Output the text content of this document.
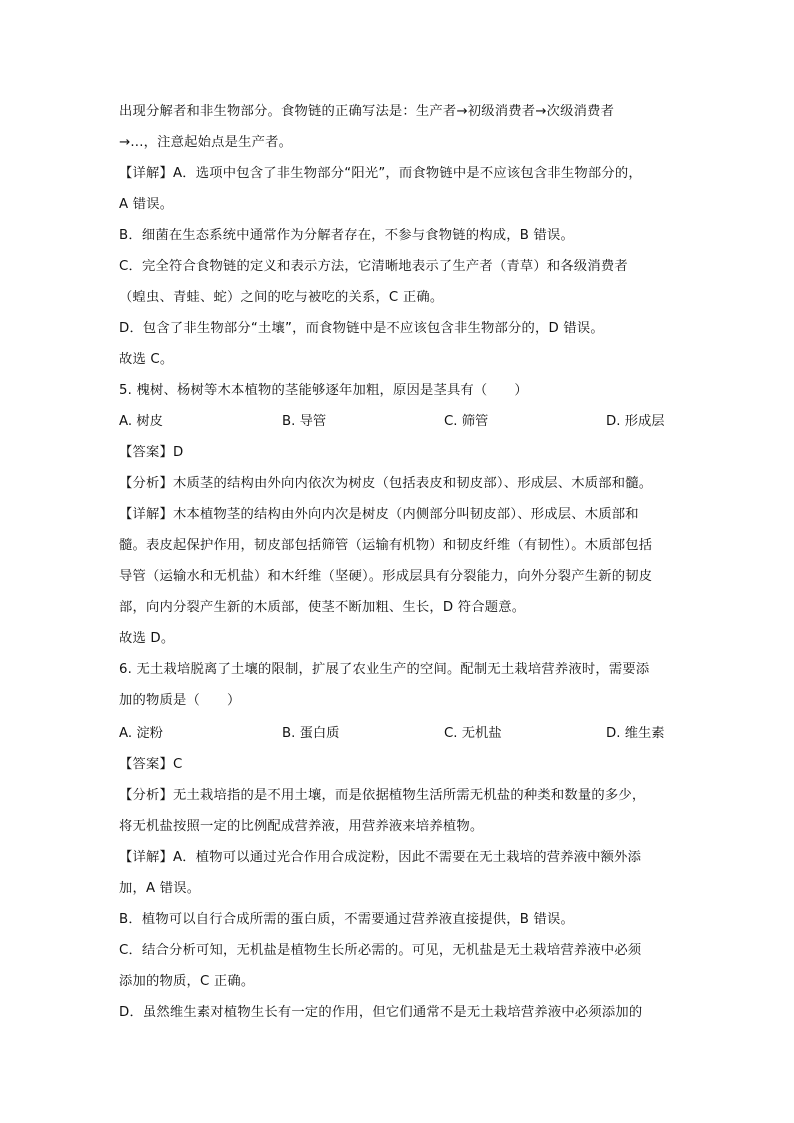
出现分解者和非生物部分。食物链的正确写法是：生产者→初级消费者→次级消费者
→...，注意起始点是生产者。
【详解】A．选项中包含了非生物部分“阳光”，而食物链中是不应该包含非生物部分的，
A 错误。
B．细菌在生态系统中通常作为分解者存在，不参与食物链的构成，B 错误。
C．完全符合食物链的定义和表示方法，它清晰地表示了生产者（青草）和各级消费者
（蝗虫、青蛙、蛇）之间的吃与被吃的关系，C 正确。
D．包含了非生物部分“土壤”，而食物链中是不应该包含非生物部分的，D 错误。
故选 C。
5. 槐树、杨树等木本植物的茎能够逐年加粗，原因是茎具有（　　）
A. 树皮	B. 导管	C. 筛管	D. 形成层
【答案】D
【分析】木质茎的结构由外向内依次为树皮（包括表皮和韧皮部）、形成层、木质部和髓。
【详解】木本植物茎的结构由外向内次是树皮（内侧部分叫韧皮部）、形成层、木质部和
髓。表皮起保护作用，韧皮部包括筛管（运输有机物）和韧皮纤维（有韧性）。木质部包括
导管（运输水和无机盐）和木纤维（坚硬）。形成层具有分裂能力，向外分裂产生新的韧皮
部，向内分裂产生新的木质部，使茎不断加粗、生长，D 符合题意。
故选 D。
6. 无土栽培脱离了土壤的限制，扩展了农业生产的空间。配制无土栽培营养液时，需要添
加的物质是（　　）
A. 淀粉	B. 蛋白质	C. 无机盐	D. 维生素
【答案】C
【分析】无土栽培指的是不用土壤，而是依据植物生活所需无机盐的种类和数量的多少，
将无机盐按照一定的比例配成营养液，用营养液来培养植物。
【详解】A．植物可以通过光合作用合成淀粉，因此不需要在无土栽培的营养液中额外添
加，A 错误。
B．植物可以自行合成所需的蛋白质，不需要通过营养液直接提供，B 错误。
C．结合分析可知，无机盐是植物生长所必需的。可见，无机盐是无土栽培营养液中必须
添加的物质，C 正确。
D．虽然维生素对植物生长有一定的作用，但它们通常不是无土栽培营养液中必须添加的
